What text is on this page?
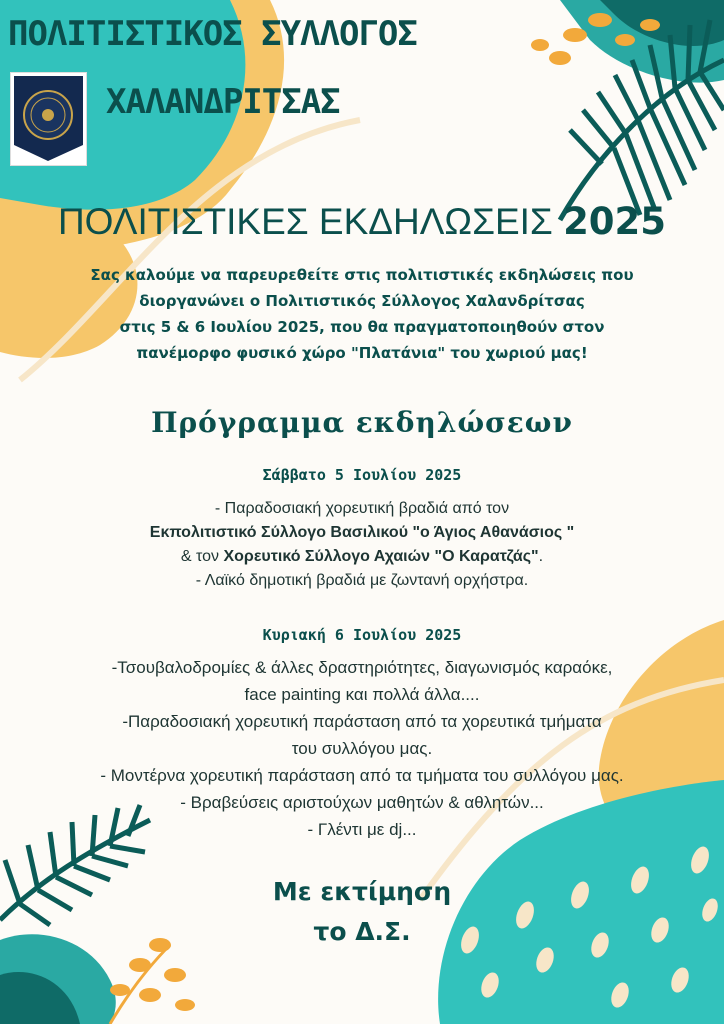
ΠΟΛΙΤΙΣΤΙΚΟΣ ΣΥΛΛΟΓΟΣ
ΧΑΛΑΝΔΡΙΤΣΑΣ
ΠΟΛΙΤΙΣΤΙΚΕΣ ΕΚΔΗΛΩΣΕΙΣ 2025
Σας καλούμε να παρευρεθείτε στις πολιτιστικές εκδηλώσεις που
διοργανώνει ο Πολιτιστικός Σύλλογος Χαλανδρίτσας
στις 5 & 6 Ιουλίου 2025, που θα πραγματοποιηθούν στον
πανέμορφο φυσικό χώρο "Πλατάνια" του χωριού μας!
Πρόγραμμα εκδηλώσεων
Σάββατο 5 Ιουλίου 2025
- Παραδοσιακή χορευτική βραδιά από τον
Εκπολιτιστικό Σύλλογο Βασιλικού "ο Άγιος Αθανάσιος "
& τον Χορευτικό Σύλλογο Αχαιών "Ο Καρατζάς".
- Λαϊκό δημοτική βραδιά με ζωντανή ορχήστρα.
Κυριακή 6 Ιουλίου 2025
-Τσουβαλοδρομίες & άλλες δραστηριότητες, διαγωνισμός καραόκε,
face painting και πολλά άλλα....
-Παραδοσιακή χορευτική παράσταση από τα χορευτικά τμήματα
του συλλόγου μας.
- Μοντέρνα χορευτική παράσταση από τα τμήματα του συλλόγου μας.
- Βραβεύσεις αριστούχων μαθητών & αθλητών...
- Γλέντι με dj...
Με εκτίμηση
το Δ.Σ.
